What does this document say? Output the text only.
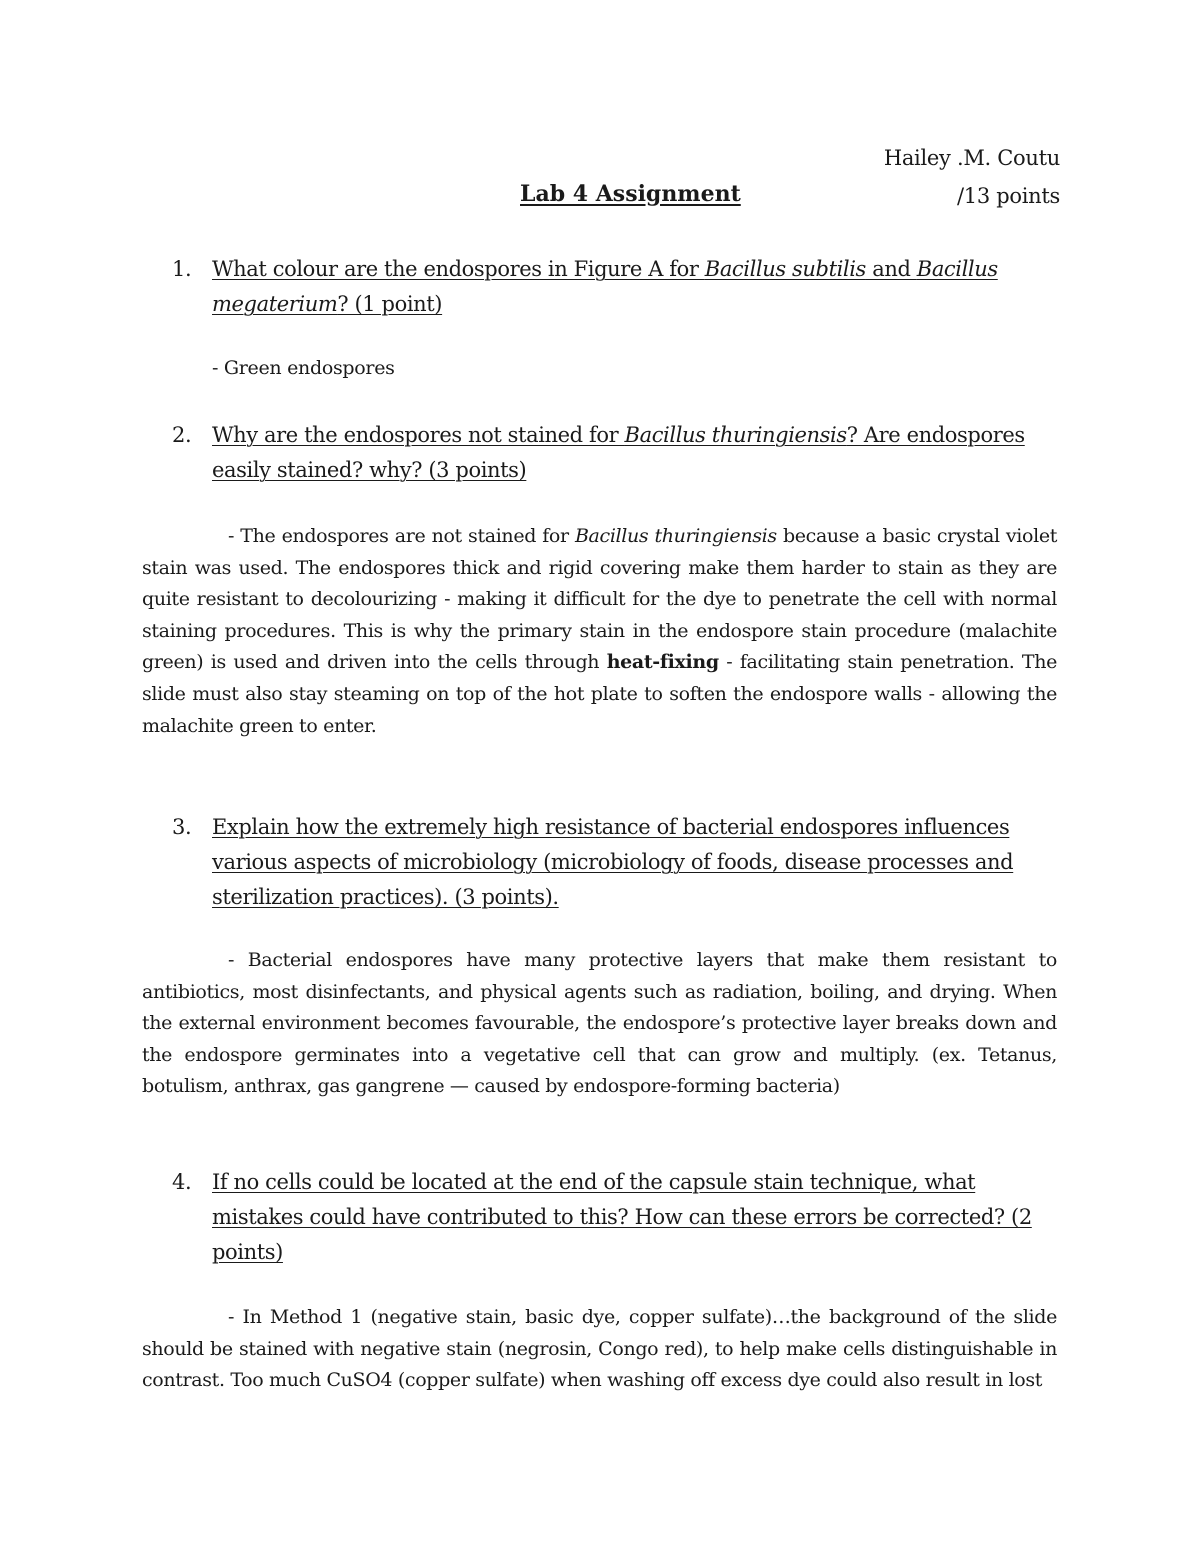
Hailey .M. Coutu
Lab 4 Assignment	/13 points
1. What colour are the endospores in Figure A for Bacillus subtilis and Bacillus megaterium? (1 point)
- Green endospores
2. Why are the endospores not stained for Bacillus thuringiensis? Are endospores easily stained? why? (3 points)
- The endospores are not stained for Bacillus thuringiensis because a basic crystal violet stain was used. The endospores thick and rigid covering make them harder to stain as they are quite resistant to decolourizing - making it difficult for the dye to penetrate the cell with normal staining procedures. This is why the primary stain in the endospore stain procedure (malachite green) is used and driven into the cells through heat-fixing - facilitating stain penetration. The slide must also stay steaming on top of the hot plate to soften the endospore walls - allowing the malachite green to enter.
3. Explain how the extremely high resistance of bacterial endospores influences various aspects of microbiology (microbiology of foods, disease processes and sterilization practices). (3 points).
- Bacterial endospores have many protective layers that make them resistant to antibiotics, most disinfectants, and physical agents such as radiation, boiling, and drying. When the external environment becomes favourable, the endospore’s protective layer breaks down and the endospore germinates into a vegetative cell that can grow and multiply. (ex. Tetanus, botulism, anthrax, gas gangrene — caused by endospore-forming bacteria)
4. If no cells could be located at the end of the capsule stain technique, what mistakes could have contributed to this? How can these errors be corrected? (2 points)
- In Method 1 (negative stain, basic dye, copper sulfate)…the background of the slide should be stained with negative stain (negrosin, Congo red), to help make cells distinguishable in contrast. Too much CuSO4 (copper sulfate) when washing off excess dye could also result in lost
